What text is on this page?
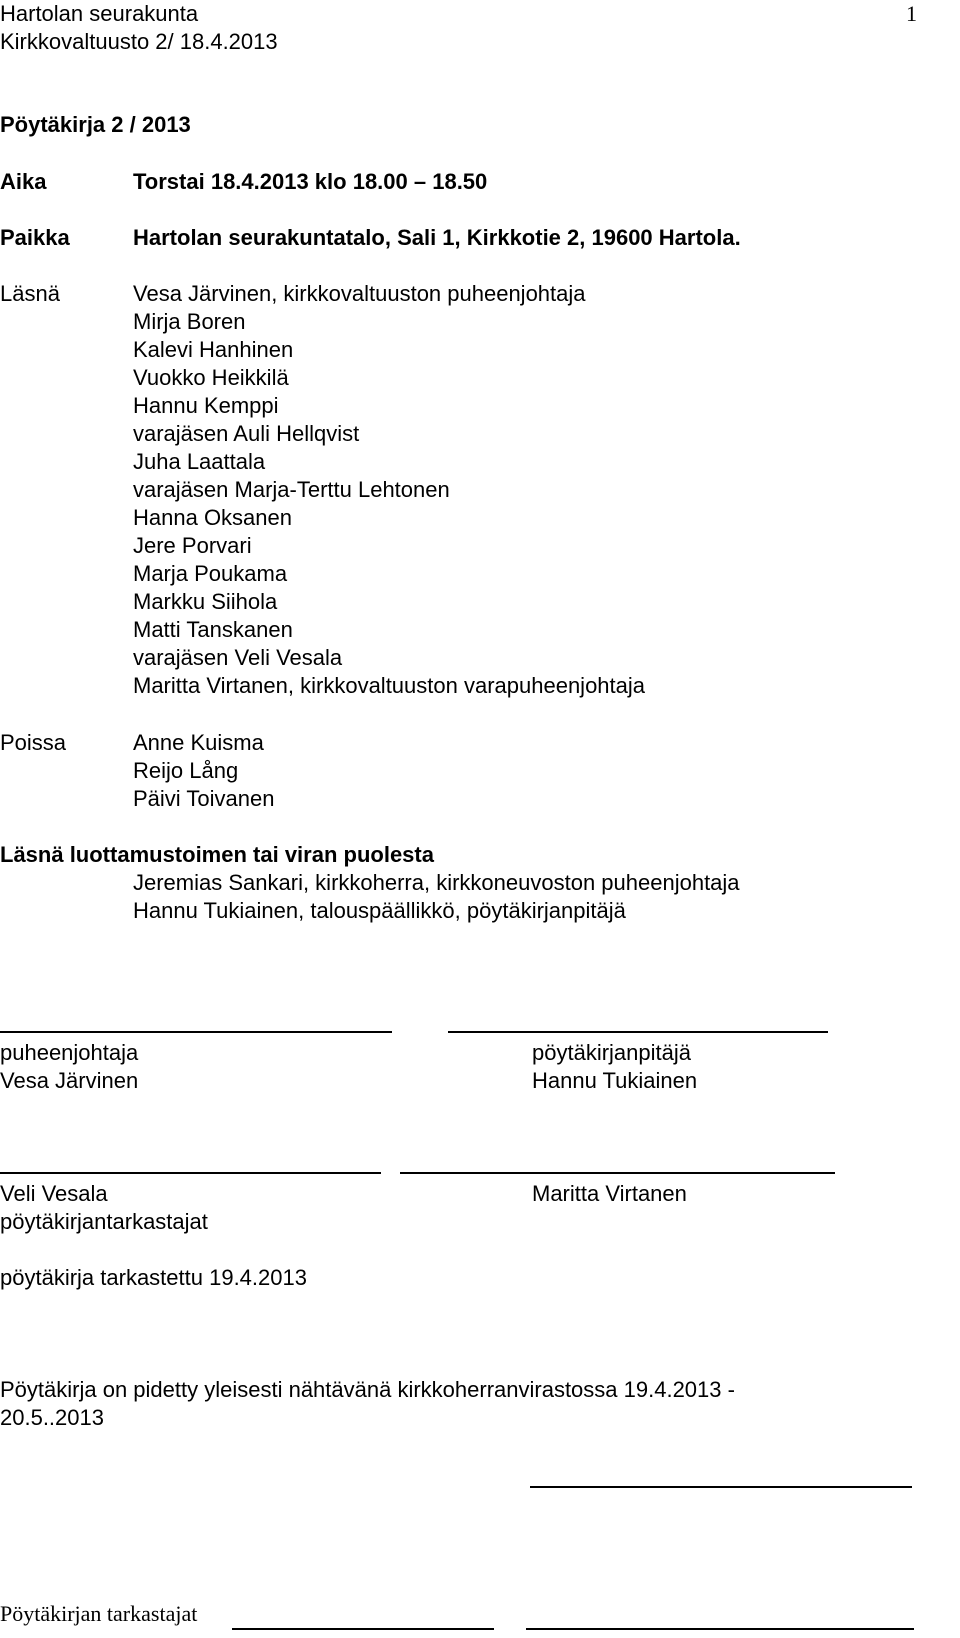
Hartolan seurakunta	1
Kirkkovaltuusto 2/ 18.4.2013
Pöytäkirja 2 / 2013
Aika	Torstai 18.4.2013 klo 18.00 – 18.50
Paikka	Hartolan seurakuntatalo, Sali 1, Kirkkotie 2, 19600 Hartola.
Läsnä	Vesa Järvinen, kirkkovaltuuston puheenjohtaja
Mirja Boren
Kalevi Hanhinen
Vuokko Heikkilä
Hannu Kemppi
varajäsen Auli Hellqvist
Juha Laattala
varajäsen Marja-Terttu Lehtonen
Hanna Oksanen
Jere Porvari
Marja Poukama
Markku Siihola
Matti Tanskanen
varajäsen Veli Vesala
Maritta Virtanen, kirkkovaltuuston varapuheenjohtaja
Poissa	Anne Kuisma
Reijo Lång
Päivi Toivanen
Läsnä luottamustoimen tai viran puolesta
Jeremias Sankari, kirkkoherra, kirkkoneuvoston puheenjohtaja
Hannu Tukiainen, talouspäällikkö, pöytäkirjanpitäjä
puheenjohtaja	pöytäkirjanpitäjä
Vesa Järvinen	Hannu Tukiainen
Veli Vesala	Maritta Virtanen
pöytäkirjantarkastajat
pöytäkirja tarkastettu 19.4.2013
Pöytäkirja on pidetty yleisesti nähtävänä kirkkoherranvirastossa 19.4.2013 -
20.5..2013
Pöytäkirjan tarkastajat
